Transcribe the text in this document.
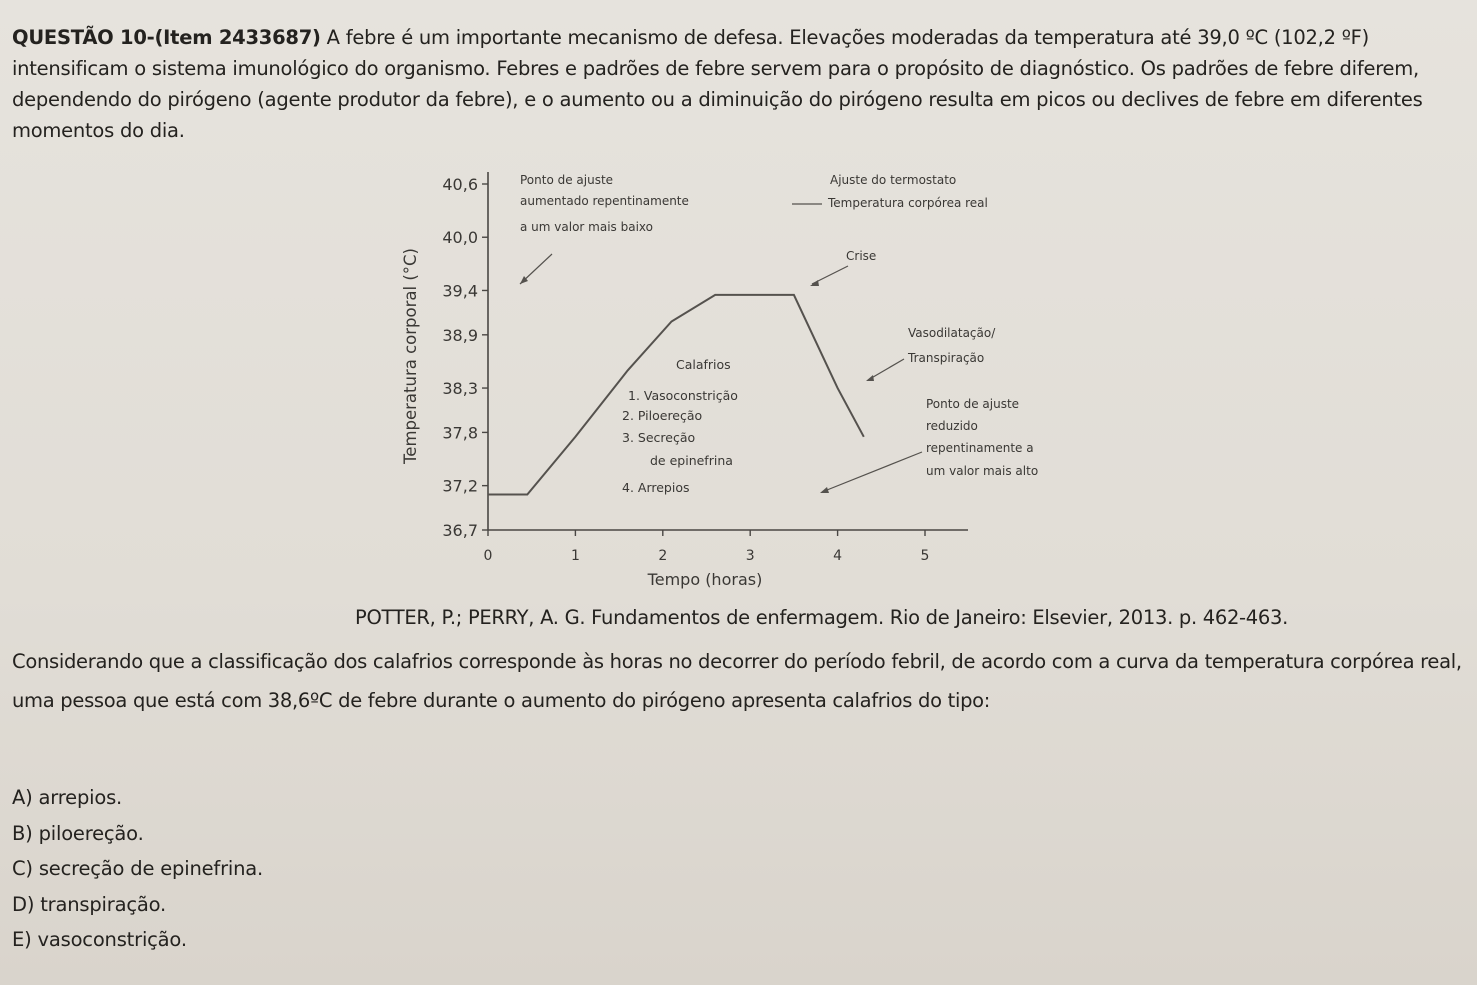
QUESTÃO 10-(Item 2433687) A febre é um importante mecanismo de defesa. Elevações moderadas da temperatura até 39,0 ºC (102,2 ºF) intensificam o sistema imunológico do organismo. Febres e padrões de febre servem para o propósito de diagnóstico. Os padrões de febre diferem, dependendo do pirógeno (agente produtor da febre), e o aumento ou a diminuição do pirógeno resulta em picos ou declives de febre em diferentes momentos do dia.

36,7
37,2
37,8
38,3
38,9
39,4
40,0
40,6
0	1	2	3	4	5
Temperatura corporal (°C)
Tempo (horas)
Ponto de ajuste
aumentado repentinamente
a um valor mais baixo
Ajuste do termostato
Temperatura corpórea real
Crise
Vasodilatação/
Transpiração
Calafrios
1. Vasoconstrição
2. Piloereção
3. Secreção
de epinefrina
4. Arrepios
Ponto de ajuste
reduzido
repentinamente a
um valor mais alto

POTTER, P.; PERRY, A. G. Fundamentos de enfermagem. Rio de Janeiro: Elsevier, 2013. p. 462-463.

Considerando que a classificação dos calafrios corresponde às horas no decorrer do período febril, de acordo com a curva da temperatura corpórea real, uma pessoa que está com 38,6ºC de febre durante o aumento do pirógeno apresenta calafrios do tipo:

A) arrepios.
B) piloereção.
C) secreção de epinefrina.
D) transpiração.
E) vasoconstrição.
